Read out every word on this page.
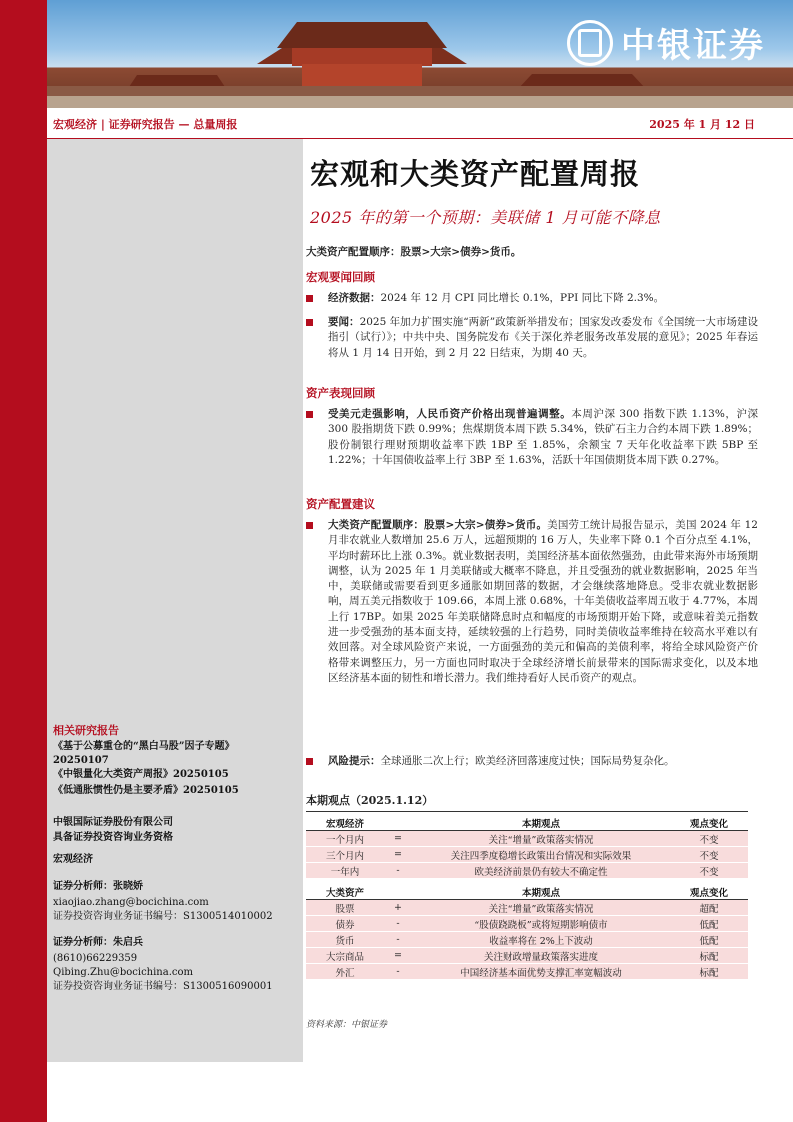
中银证券
宏观经济 | 证券研究报告 — 总量周报	2025 年 1 月 12 日
相关研究报告
《基于公募重仓的“黑白马股”因子专题》
20250107
《中银量化大类资产周报》20250105
《低通胀惯性仍是主要矛盾》20250105
中银国际证券股份有限公司
具备证券投资咨询业务资格
宏观经济
证券分析师：张晓娇
xiaojiao.zhang@bocichina.com
证券投资咨询业务证书编号：S1300514010002
证券分析师：朱启兵
(8610)66229359
Qibing.Zhu@bocichina.com
证券投资咨询业务证书编号：S1300516090001
宏观和大类资产配置周报
2025 年的第一个预期：美联储 1 月可能不降息
大类资产配置顺序：股票>大宗>债券>货币。
宏观要闻回顾
经济数据：2024 年 12 月 CPI 同比增长 0.1%，PPI 同比下降 2.3%。
要闻：2025 年加力扩围实施“两新”政策新举措发布；国家发改委发布《全国统一大市场建设指引（试行）》；中共中央、国务院发布《关于深化养老服务改革发展的意见》；2025 年春运将从 1 月 14 日开始，到 2 月 22 日结束，为期 40 天。
资产表现回顾
受美元走强影响，人民币资产价格出现普遍调整。本周沪深 300 指数下跌 1.13%，沪深 300 股指期货下跌 0.99%；焦煤期货本周下跌 5.34%，铁矿石主力合约本周下跌 1.89%；股份制银行理财预期收益率下跌 1BP 至 1.85%，余额宝 7 天年化收益率下跌 5BP 至 1.22%；十年国债收益率上行 3BP 至 1.63%，活跃十年国债期货本周下跌 0.27%。
资产配置建议
大类资产配置顺序：股票>大宗>债券>货币。美国劳工统计局报告显示，美国 2024 年 12 月非农就业人数增加 25.6 万人，远超预期的 16 万人，失业率下降 0.1 个百分点至 4.1%，平均时薪环比上涨 0.3%。就业数据表明，美国经济基本面依然强劲，由此带来海外市场预期调整，认为 2025 年 1 月美联储或大概率不降息，并且受强劲的就业数据影响，2025 年当中，美联储或需要看到更多通胀如期回落的数据，才会继续落地降息。受非农就业数据影响，周五美元指数收于 109.66，本周上涨 0.68%，十年美债收益率周五收于 4.77%，本周上行 17BP。如果 2025 年美联储降息时点和幅度的市场预期开始下降，或意味着美元指数进一步受强劲的基本面支持，延续较强的上行趋势，同时美债收益率维持在较高水平难以有效回落。对全球风险资产来说，一方面强劲的美元和偏高的美债利率，将给全球风险资产价格带来调整压力，另一方面也同时取决于全球经济增长前景带来的国际需求变化，以及本地区经济基本面的韧性和增长潜力。我们维持看好人民币资产的观点。
风险提示：全球通胀二次上行；欧美经济回落速度过快；国际局势复杂化。
本期观点（2025.1.12）
宏观经济		本期观点	观点变化
一个月内	=	关注“增量”政策落实情况	不变
三个月内	=	关注四季度稳增长政策出台情况和实际效果	不变
一年内	-	欧美经济前景仍有较大不确定性	不变
大类资产		本期观点	观点变化
股票	+	关注“增量”政策落实情况	超配
债券	-	“股债跷跷板”或将短期影响债市	低配
货币	-	收益率将在 2%上下波动	低配
大宗商品	=	关注财政增量政策落实进度	标配
外汇	-	中国经济基本面优势支撑汇率宽幅波动	标配
资料来源：中银证券
